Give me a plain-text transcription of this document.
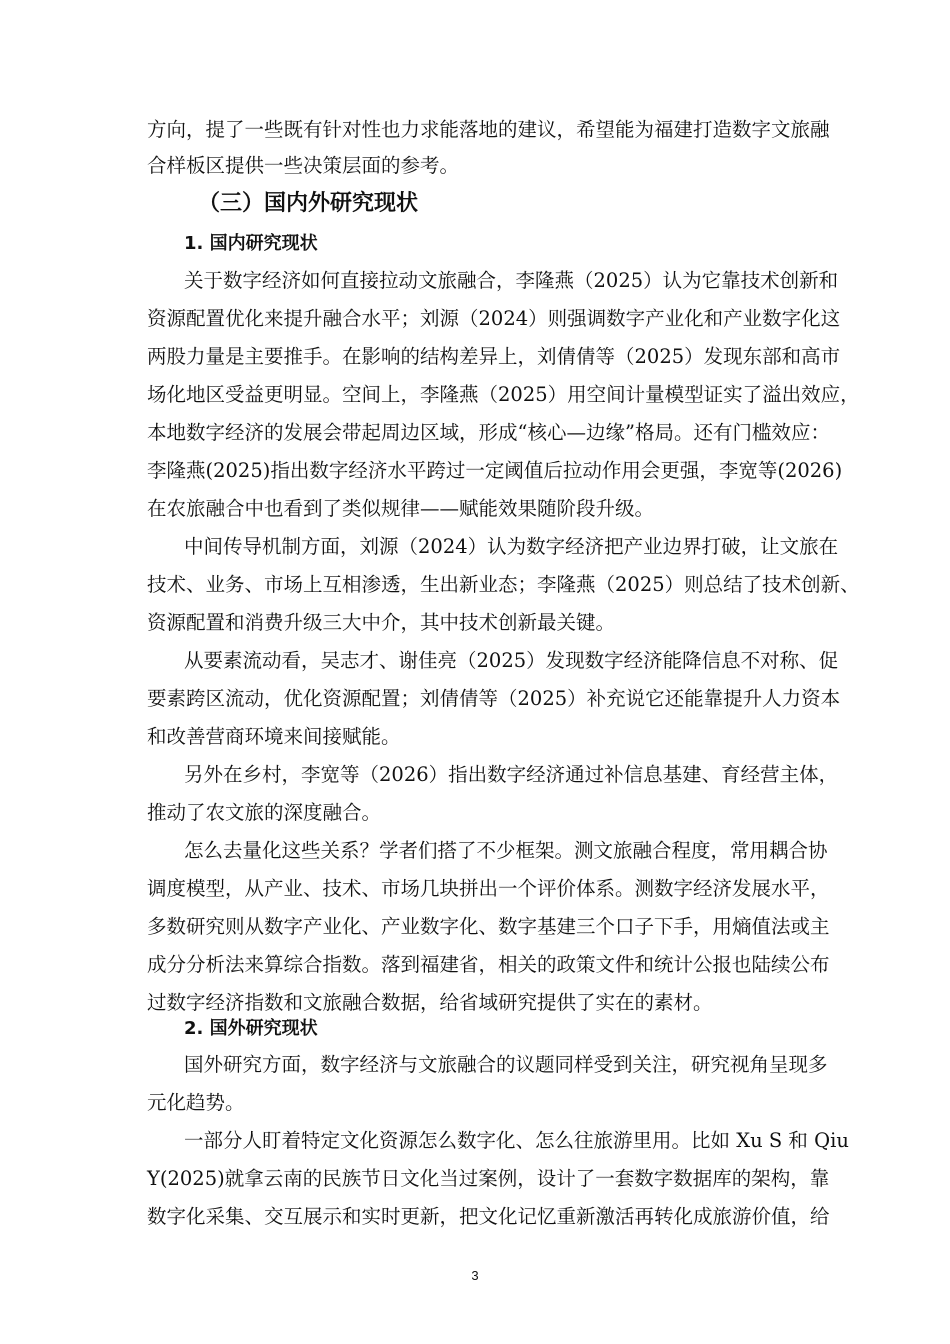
方向，提了一些既有针对性也力求能落地的建议，希望能为福建打造数字文旅融
合样板区提供一些决策层面的参考。
（三）国内外研究现状
1. 国内研究现状
关于数字经济如何直接拉动文旅融合，李隆燕（2025）认为它靠技术创新和
资源配置优化来提升融合水平；刘源（2024）则强调数字产业化和产业数字化这
两股力量是主要推手。在影响的结构差异上，刘倩倩等（2025）发现东部和高市
场化地区受益更明显。空间上，李隆燕（2025）用空间计量模型证实了溢出效应，
本地数字经济的发展会带起周边区域，形成“核心—边缘”格局。还有门槛效应：
李隆燕(2025)指出数字经济水平跨过一定阈值后拉动作用会更强，李宽等(2026)
在农旅融合中也看到了类似规律——赋能效果随阶段升级。
中间传导机制方面，刘源（2024）认为数字经济把产业边界打破，让文旅在
技术、业务、市场上互相渗透，生出新业态；李隆燕（2025）则总结了技术创新、
资源配置和消费升级三大中介，其中技术创新最关键。
从要素流动看，吴志才、谢佳亮（2025）发现数字经济能降信息不对称、促
要素跨区流动，优化资源配置；刘倩倩等（2025）补充说它还能靠提升人力资本
和改善营商环境来间接赋能。
另外在乡村，李宽等（2026）指出数字经济通过补信息基建、育经营主体，
推动了农文旅的深度融合。
怎么去量化这些关系？学者们搭了不少框架。测文旅融合程度，常用耦合协
调度模型，从产业、技术、市场几块拼出一个评价体系。测数字经济发展水平，
多数研究则从数字产业化、产业数字化、数字基建三个口子下手，用熵值法或主
成分分析法来算综合指数。落到福建省，相关的政策文件和统计公报也陆续公布
过数字经济指数和文旅融合数据，给省域研究提供了实在的素材。
2. 国外研究现状
国外研究方面，数字经济与文旅融合的议题同样受到关注，研究视角呈现多
元化趋势。
一部分人盯着特定文化资源怎么数字化、怎么往旅游里用。比如 Xu S 和 Qiu
Y(2025)就拿云南的民族节日文化当过案例，设计了一套数字数据库的架构，靠
数字化采集、交互展示和实时更新，把文化记忆重新激活再转化成旅游价值，给
3
